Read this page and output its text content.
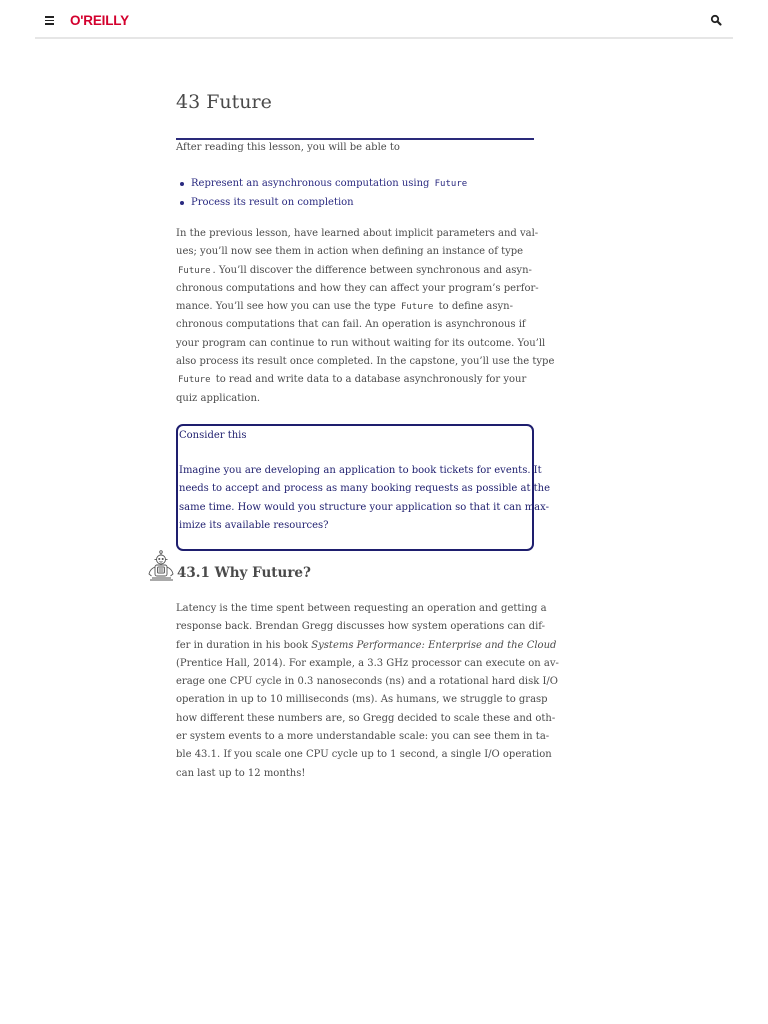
O'REILLY
43 Future
After reading this lesson, you will be able to
Represent an asynchronous computation using Future
Process its result on completion
In the previous lesson, have learned about implicit parameters and val-
ues; you’ll now see them in action when defining an instance of type
Future . You’ll discover the difference between synchronous and asyn-
chronous computations and how they can affect your program’s perfor-
mance. You’ll see how you can use the type Future to define asyn-
chronous computations that can fail. An operation is asynchronous if
your program can continue to run without waiting for its outcome. You’ll
also process its result once completed. In the capstone, you’ll use the type
Future to read and write data to a database asynchronously for your
quiz application.
Consider this
Imagine you are developing an application to book tickets for events. It
needs to accept and process as many booking requests as possible at the
same time. How would you structure your application so that it can max-
imize its available resources?
Latency is the time spent between requesting an operation and getting a
response back. Brendan Gregg discusses how system operations can dif-
fer in duration in his book Systems Performance: Enterprise and the Cloud
(Prentice Hall, 2014). For example, a 3.3 GHz processor can execute on av-
erage one CPU cycle in 0.3 nanoseconds (ns) and a rotational hard disk I/O
operation in up to 10 milliseconds (ms). As humans, we struggle to grasp
how different these numbers are, so Gregg decided to scale these and oth-
er system events to a more understandable scale: you can see them in ta-
ble 43.1. If you scale one CPU cycle up to 1 second, a single I/O operation
can last up to 12 months!
43.1 Why Future?
